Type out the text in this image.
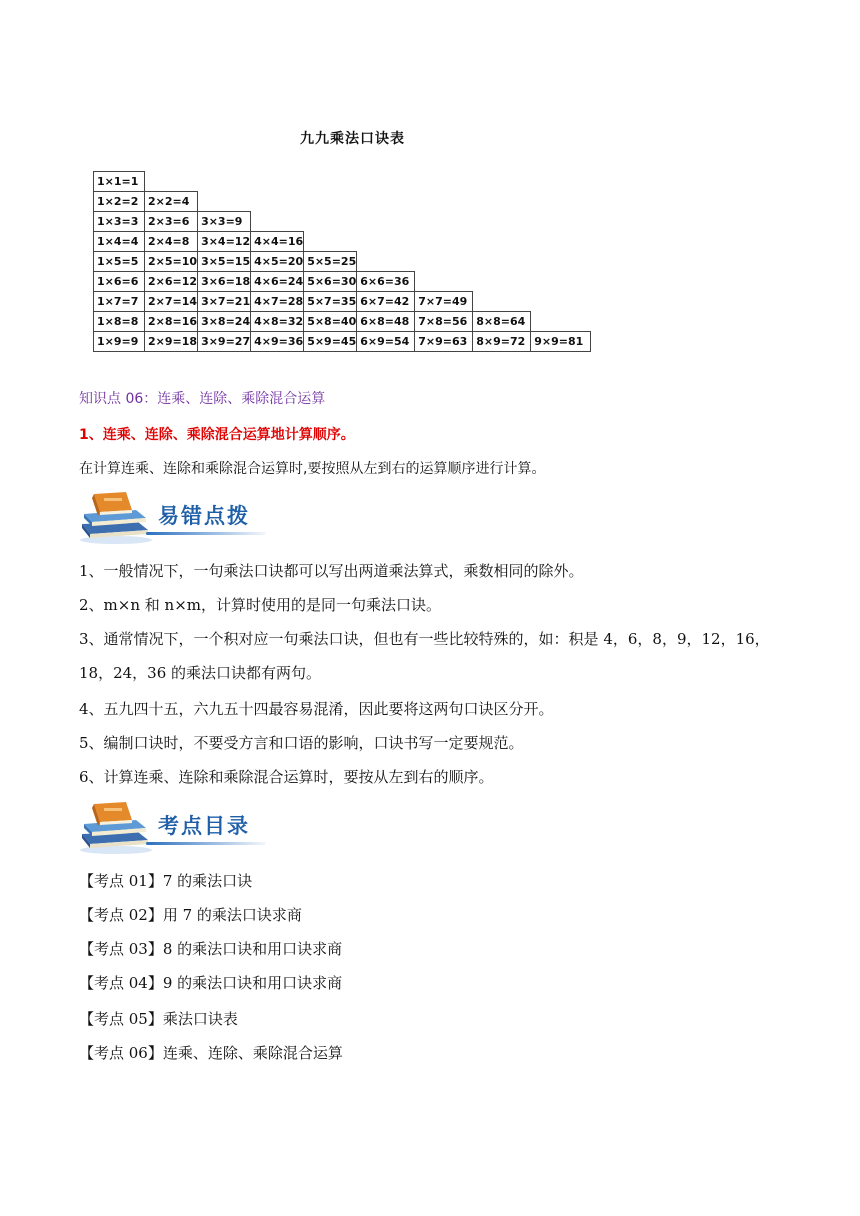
九九乘法口诀表
1×1=1								
1×2=2	2×2=4							
1×3=3	2×3=6	3×3=9						
1×4=4	2×4=8	3×4=12	4×4=16					
1×5=5	2×5=10	3×5=15	4×5=20	5×5=25				
1×6=6	2×6=12	3×6=18	4×6=24	5×6=30	6×6=36			
1×7=7	2×7=14	3×7=21	4×7=28	5×7=35	6×7=42	7×7=49		
1×8=8	2×8=16	3×8=24	4×8=32	5×8=40	6×8=48	7×8=56	8×8=64	
1×9=9	2×9=18	3×9=27	4×9=36	5×9=45	6×9=54	7×9=63	8×9=72	9×9=81
知识点 06：连乘、连除、乘除混合运算
1、连乘、连除、乘除混合运算地计算顺序。
在计算连乘、连除和乘除混合运算时,要按照从左到右的运算顺序进行计算。
易错点拨
1、一般情况下，一句乘法口诀都可以写出两道乘法算式，乘数相同的除外。
2、m×n 和 n×m，计算时使用的是同一句乘法口诀。
3、通常情况下，一个积对应一句乘法口诀，但也有一些比较特殊的，如：积是 4，6，8，9，12，16，
18，24，36 的乘法口诀都有两句。
4、五九四十五，六九五十四最容易混淆，因此要将这两句口诀区分开。
5、编制口诀时，不要受方言和口语的影响，口诀书写一定要规范。
6、计算连乘、连除和乘除混合运算时，要按从左到右的顺序。
考点目录
【考点 01】7 的乘法口诀
【考点 02】用 7 的乘法口诀求商
【考点 03】8 的乘法口诀和用口诀求商
【考点 04】9 的乘法口诀和用口诀求商
【考点 05】乘法口诀表
【考点 06】连乘、连除、乘除混合运算
